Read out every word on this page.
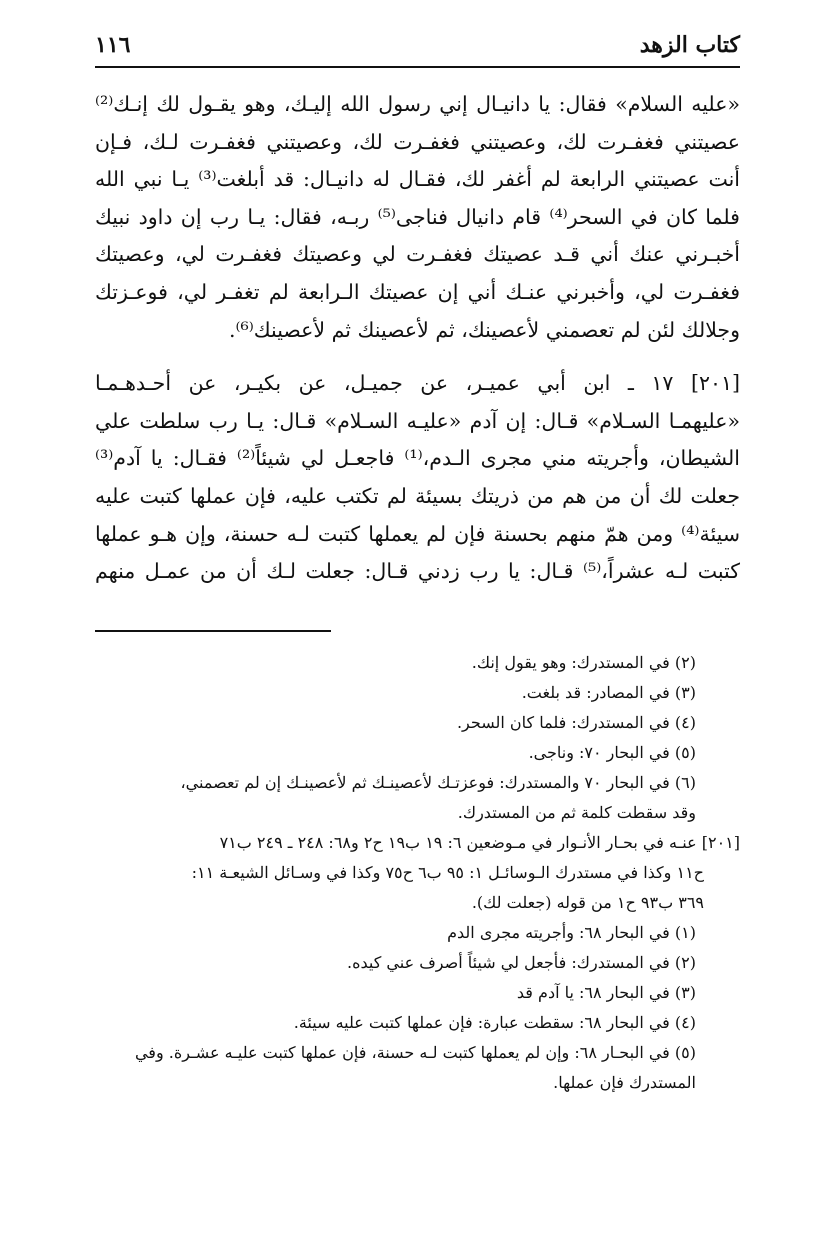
كتاب الزهد
١١٦

«عليه السلام» فقال: يا دانيـال إني رسول الله إليـك، وهو يقـول لك إنـك⁽²⁾
عصيتني فغفـرت لك، وعصيتني فغفـرت لك، وعصيتني فغفـرت لـك، فـإن
أنت عصيتني الرابعة لم أغفر لك، فقـال له دانيـال: قد أبلغت⁽³⁾ يـا نبي الله
فلما كان في السحر⁽⁴⁾ قام دانيال فناجى⁽⁵⁾ ربـه، فقال: يـا رب إن داود نبيك
أخبـرني عنك أني قـد عصيتك فغفـرت لي وعصيتك فغفـرت لي، وعصيتك
فغفـرت لي، وأخبرني عنـك أني إن عصيتك الـرابعة لم تغفـر لي، فوعـزتك
وجلالك لئن لم تعصمني لأعصينك، ثم لأعصينك ثم لأعصينك⁽⁶⁾.

[٢٠١] ١٧ ـ ابن أبي عميـر، عن جميـل، عن بكيـر، عن أحـدهـمـا
«عليهمـا السـلام» قـال: إن آدم «عليـه السـلام» قـال: يـا رب سلطت علي
الشيطان، وأجريته مني مجرى الـدم،⁽¹⁾ فاجعـل لي شيئاً⁽²⁾ فقـال: يا آدم⁽³⁾
جعلت لك أن من هم من ذريتك بسيئة لم تكتب عليه، فإن عملها كتبت عليه
سيئة⁽⁴⁾ ومن همّ منهم بحسنة فإن لم يعملها كتبت لـه حسنة، وإن هـو عملها
كتبت لـه عشراً،⁽⁵⁾ قـال: يا رب زدني قـال: جعلت لـك أن من عمـل منهم

(٢) في المستدرك: وهو يقول إنك.
(٣) في المصادر: قد بلغت.
(٤) في المستدرك: فلما كان السحر.
(٥) في البحار ٧٠: وناجى.
(٦) في البحار ٧٠ والمستدرك: فوعزتـك لأعصينـك ثم لأعصينـك إن لم تعصمني،
وقد سقطت كلمة ثم من المستدرك.
[٢٠١] عنـه في بحـار الأنـوار في مـوضعين ٦: ١٩ ب١٩ ح٢ و٦٨: ٢٤٨ ـ ٢٤٩ ب٧١
ح١١ وكذا في مستدرك الـوسائـل ١: ٩٥ ب٦ ح٧٥ وكذا في وسـائل الشيعـة ١١:
٣٦٩ ب٩٣ ح١ من قوله (جعلت لك).
(١) في البحار ٦٨: وأجريته مجرى الدم
(٢) في المستدرك: فأجعل لي شيئاً أصرف عني كيده.
(٣) في البحار ٦٨: يا آدم قد
(٤) في البحار ٦٨: سقطت عبارة: فإن عملها كتبت عليه سيئة.
(٥) في البحـار ٦٨: وإن لم يعملها كتبت لـه حسنة، فإن عملها كتبت عليـه عشـرة. وفي
المستدرك فإن عملها.
